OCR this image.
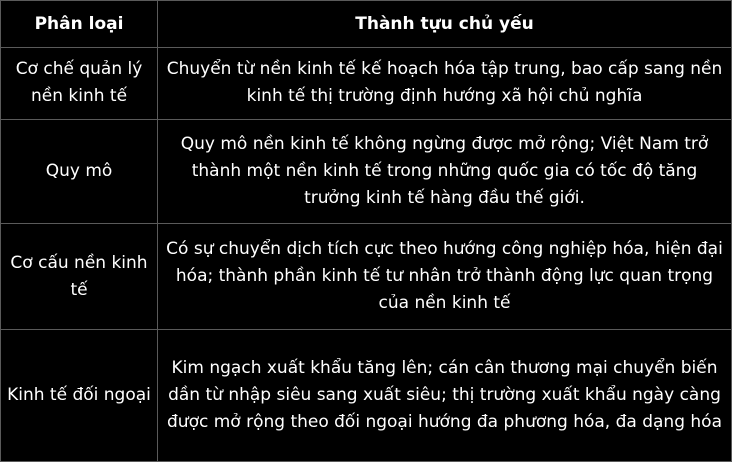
Phân loại	Thành tựu chủ yếu
Cơ chế quản lý nền kinh tế	Chuyển từ nền kinh tế kế hoạch hóa tập trung, bao cấp sang nền kinh tế thị trường định hướng xã hội chủ nghĩa
Quy mô	Quy mô nền kinh tế không ngừng được mở rộng; Việt Nam trở thành một nền kinh tế trong những quốc gia có tốc độ tăng trưởng kinh tế hàng đầu thế giới.
Cơ cấu nền kinh tế	Có sự chuyển dịch tích cực theo hướng công nghiệp hóa, hiện đại hóa; thành phần kinh tế tư nhân trở thành động lực quan trọng của nền kinh tế
Kinh tế đối ngoại	Kim ngạch xuất khẩu tăng lên; cán cân thương mại chuyển biến dần từ nhập siêu sang xuất siêu; thị trường xuất khẩu ngày càng được mở rộng theo đối ngoại hướng đa phương hóa, đa dạng hóa
